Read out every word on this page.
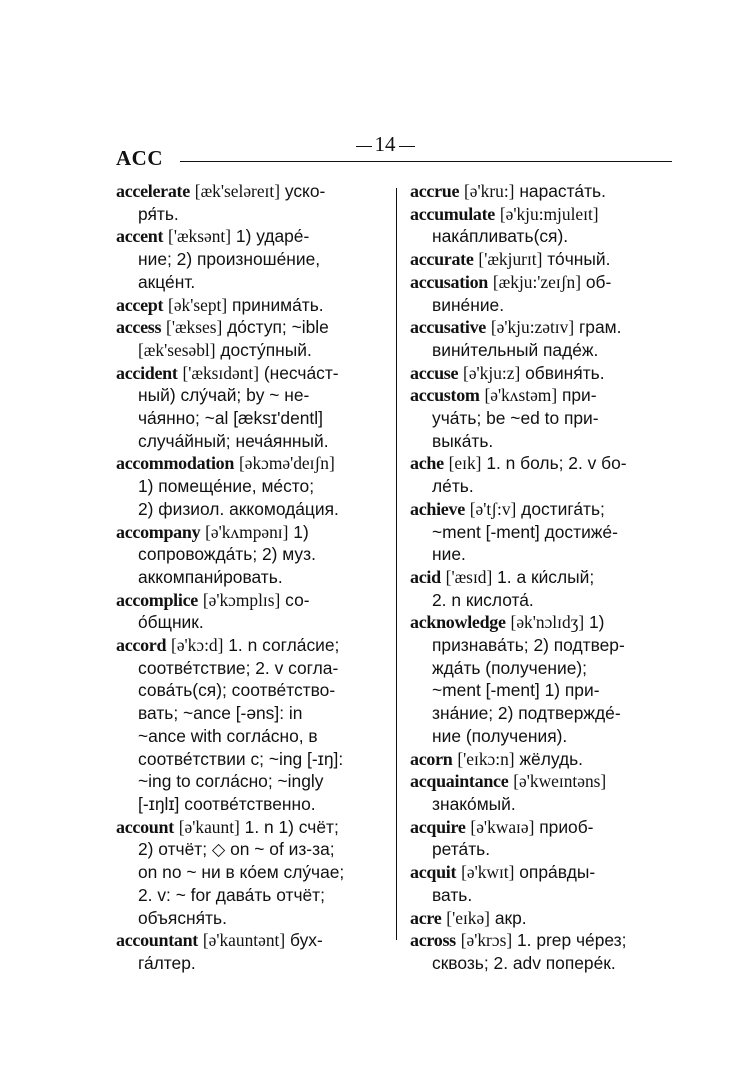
14
ACC
accelerate [æk'seləreɪt] уско-
ря́ть.
accent ['æksənt] 1) ударе́-
ние; 2) произноше́ние,
акце́нт.
accept [ək'sept] принима́ть.
access ['ækses] до́ступ; ~ible
[æk'sesəbl] досту́пный.
accident ['æksɪdənt] (несча́ст-
ный) слу́чай; by ~ не-
ча́янно; ~al [æksɪ'dentl]
случа́йный; неча́янный.
accommodation [əkɔmə'deɪʃn]
1) помеще́ние, ме́сто;
2) физиол. аккомода́ция.
accompany [ə'kʌmpənɪ] 1)
сопровожда́ть; 2) муз.
аккомпани́ровать.
accomplice [ə'kɔmplɪs] со-
о́бщник.
accord [ə'kɔ:d] 1. n согла́сие;
соотве́тствие; 2. v согла-
сова́ть(ся); соотве́тство-
вать; ~ance [-əns]: in
~ance with согла́сно, в
соотве́тствии с; ~ing [-ɪŋ]:
~ing to согла́сно; ~ingly
[-ɪŋlɪ] соотве́тственно.
account [ə'kaunt] 1. n 1) счёт;
2) отчёт; ◇ on ~ of из-за;
on no ~ ни в ко́ем слу́чае;
2. v: ~ for дава́ть отчёт;
объясня́ть.
accountant [ə'kauntənt] бух-
га́лтер.
accrue [ə'kru:] нараста́ть.
accumulate [ə'kju:mjuleɪt]
нака́пливать(ся).
accurate ['ækjurɪt] то́чный.
accusation [ækju:'zeɪʃn] об-
вине́ние.
accusative [ə'kju:zətɪv] грам.
вини́тельный паде́ж.
accuse [ə'kju:z] обвиня́ть.
accustom [ə'kʌstəm] при-
уча́ть; be ~ed to при-
выка́ть.
ache [eɪk] 1. n боль; 2. v бо-
ле́ть.
achieve [ə'tʃ:v] достига́ть;
~ment [-ment] достиже́-
ние.
acid ['æsɪd] 1. a ки́слый;
2. n кислота́.
acknowledge [ək'nɔlɪdʒ] 1)
признава́ть; 2) подтвер-
жда́ть (получение);
~ment [-ment] 1) при-
зна́ние; 2) подтвержде́-
ние (получения).
acorn ['eɪkɔ:n] жёлудь.
acquaintance [ə'kweɪntəns]
знако́мый.
acquire [ə'kwaɪə] приоб-
рета́ть.
acquit [ə'kwɪt] опра́вды-
вать.
acre ['eɪkə] акр.
across [ə'krɔs] 1. prep че́рез;
сквозь; 2. adv попере́к.
